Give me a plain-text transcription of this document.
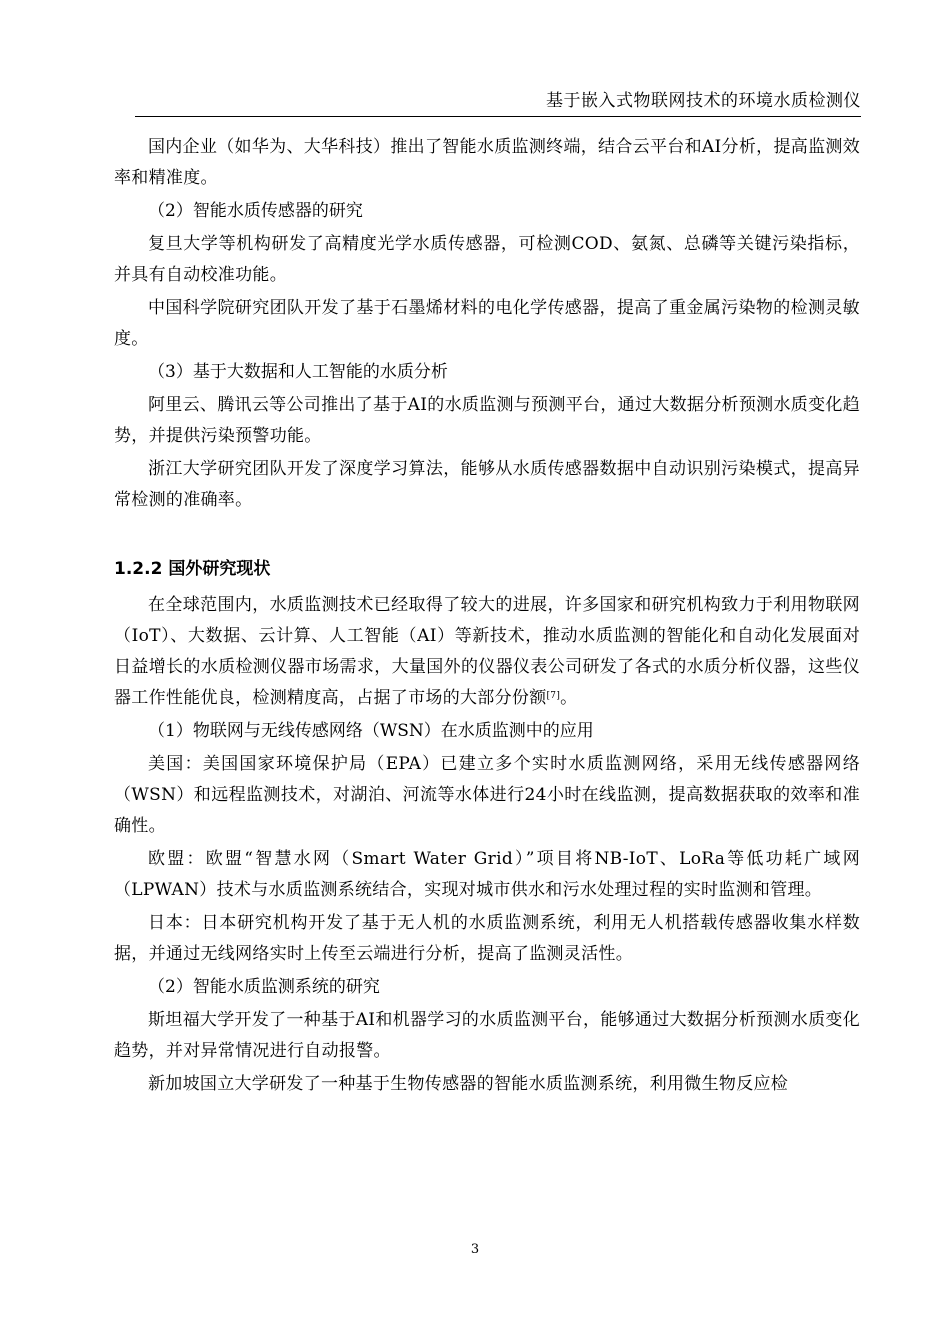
基于嵌入式物联网技术的环境水质检测仪

国内企业（如华为、大华科技）推出了智能水质监测终端，结合云平台和AI分析，提高监测效率和精准度。

（2）智能水质传感器的研究

复旦大学等机构研发了高精度光学水质传感器，可检测COD、氨氮、总磷等关键污染指标，并具有自动校准功能。

中国科学院研究团队开发了基于石墨烯材料的电化学传感器，提高了重金属污染物的检测灵敏度。

（3）基于大数据和人工智能的水质分析

阿里云、腾讯云等公司推出了基于AI的水质监测与预测平台，通过大数据分析预测水质变化趋势，并提供污染预警功能。

浙江大学研究团队开发了深度学习算法，能够从水质传感器数据中自动识别污染模式，提高异常检测的准确率。

1.2.2 国外研究现状

在全球范围内，水质监测技术已经取得了较大的进展，许多国家和研究机构致力于利用物联网（IoT）、大数据、云计算、人工智能（AI）等新技术，推动水质监测的智能化和自动化发展面对日益增长的水质检测仪器市场需求，大量国外的仪器仪表公司研发了各式的水质分析仪器，这些仪器工作性能优良，检测精度高，占据了市场的大部分份额[7]。

（1）物联网与无线传感网络（WSN）在水质监测中的应用

美国：美国国家环境保护局（EPA）已建立多个实时水质监测网络，采用无线传感器网络（WSN）和远程监测技术，对湖泊、河流等水体进行24小时在线监测，提高数据获取的效率和准确性。

欧盟：欧盟“智慧水网（Smart Water Grid）”项目将NB-IoT、LoRa等低功耗广域网（LPWAN）技术与水质监测系统结合，实现对城市供水和污水处理过程的实时监测和管理。

日本：日本研究机构开发了基于无人机的水质监测系统，利用无人机搭载传感器收集水样数据，并通过无线网络实时上传至云端进行分析，提高了监测灵活性。

（2）智能水质监测系统的研究

斯坦福大学开发了一种基于AI和机器学习的水质监测平台，能够通过大数据分析预测水质变化趋势，并对异常情况进行自动报警。

新加坡国立大学研发了一种基于生物传感器的智能水质监测系统，利用微生物反应检

3
